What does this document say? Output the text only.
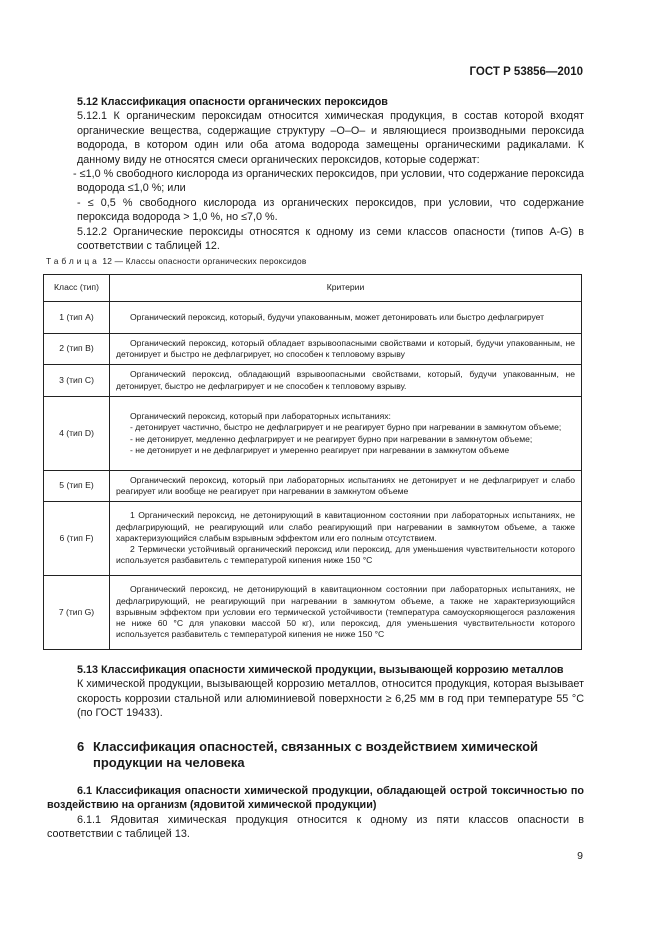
ГОСТ Р 53856—2010

5.12 Классификация опасности органических пероксидов

5.12.1 К органическим пероксидам относится химическая продукция, в состав которой входят органические вещества, содержащие структуру –О–О– и являющиеся производными пероксида водорода, в котором один или оба атома водорода замещены органическими радикалами. К данному виду не относятся смеси органических пероксидов, которые содержат:

- ≤1,0 % свободного кислорода из органических пероксидов, при условии, что содержание пероксида водорода ≤1,0 %; или

- ≤ 0,5 % свободного кислорода из органических пероксидов, при условии, что содержание пероксида водорода > 1,0 %, но ≤7,0 %.

5.12.2 Органические пероксиды относятся к одному из семи классов опасности (типов А-G) в соответствии с таблицей 12.

Таблица 12 — Классы опасности органических пероксидов
Класс (тип)	Критерии
1 (тип А)	Органический пероксид, который, будучи упакованным, может детонировать или быстро дефлагрирует

2 (тип В)	Органический пероксид, который обладает взрывоопасными свойствами и который, будучи упакованным, не детонирует и быстро не дефлагрирует, но способен к тепловому взрыву

3 (тип С)	Органический пероксид, обладающий взрывоопасными свойствами, который, будучи упакованным, не детонирует, быстро не дефлагрирует и не способен к тепловому взрыву.

4 (тип D)	Органический пероксид, который при лабораторных испытаниях:

- детонирует частично, быстро не дефлагрирует и не реагирует бурно при нагревании в замкнутом объеме;

- не детонирует, медленно дефлагрирует и не реагирует бурно при нагревании в замкнутом объеме;

- не детонирует и не дефлагрирует и умеренно реагирует при нагревании в замкнутом объеме

5 (тип Е)	Органический пероксид, который при лабораторных испытаниях не детонирует и не дефлагрирует и слабо реагирует или вообще не реагирует при нагревании в замкнутом объеме

6 (тип F)	1 Органический пероксид, не детонирующий в кавитационном состоянии при лабораторных испытаниях, не дефлагрирующий, не реагирующий или слабо реагирующий при нагревании в замкнутом объеме, а также характеризующийся слабым взрывным эффектом или его полным отсутствием.

2 Термически устойчивый органический пероксид или пероксид, для уменьшения чувствительности которого используется разбавитель с температурой кипения ниже 150 °С

7 (тип G)	Органический пероксид, не детонирующий в кавитационном состоянии при лабораторных испытаниях, не дефлагрирующий, не реагирующий при нагревании в замкнутом объеме, а также не характеризующийся взрывным эффектом при условии его термической устойчивости (температура самоускоряющегося разложения не ниже 60 °С для упаковки массой 50 кг), или пероксид, для уменьшения чувствительности которого используется разбавитель с температурой кипения не ниже 150 °С

5.13 Классификация опасности химической продукции, вызывающей коррозию металлов

К химической продукции, вызывающей коррозию металлов, относится продукция, которая вызывает скорость коррозии стальной или алюминиевой поверхности ≥ 6,25 мм в год при температуре 55 °С (по ГОСТ 19433).

6 Классификация опасностей, связанных с воздействием химической продукции на человека

6.1 Классификация опасности химической продукции, обладающей острой токсичностью по воздействию на организм (ядовитой химической продукции)

6.1.1 Ядовитая химическая продукция относится к одному из пяти классов опасности в соответствии с таблицей 13.

9
